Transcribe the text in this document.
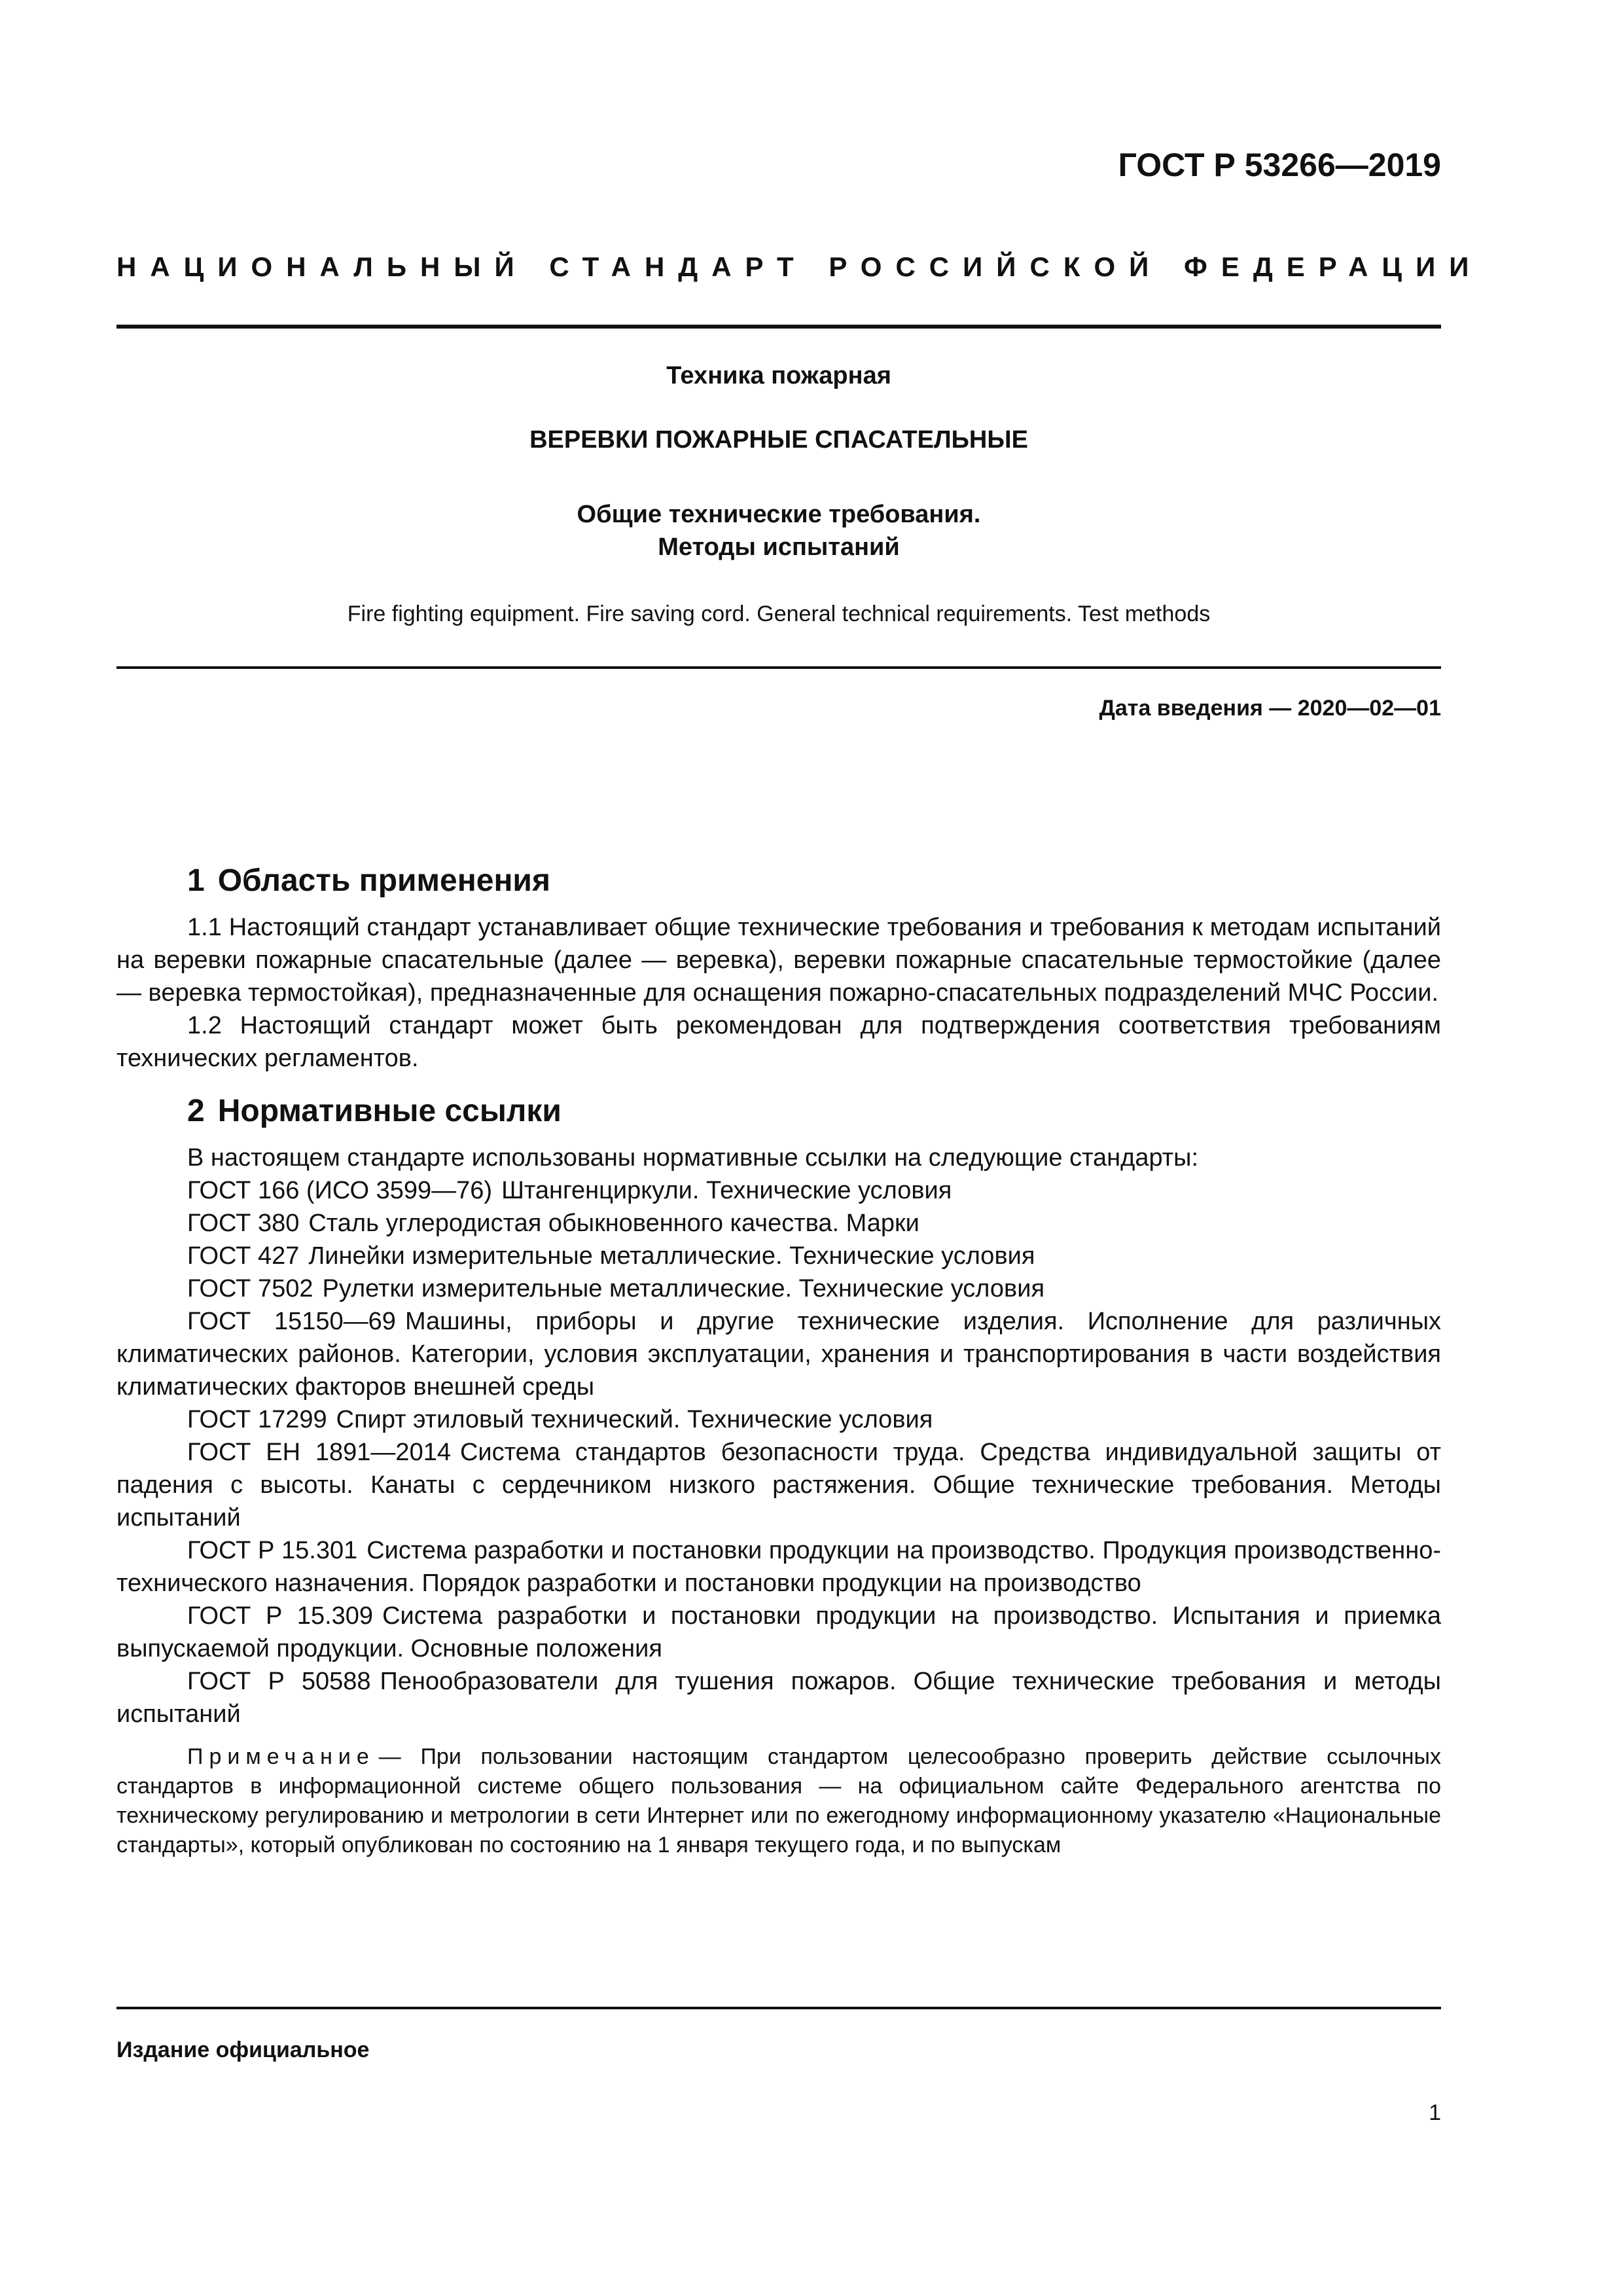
ГОСТ Р 53266—2019
НАЦИОНАЛЬНЫЙ СТАНДАРТ РОССИЙСКОЙ ФЕДЕРАЦИИ
Техника пожарная
ВЕРЕВКИ ПОЖАРНЫЕ СПАСАТЕЛЬНЫЕ
Общие технические требования.
Методы испытаний
Fire fighting equipment. Fire saving cord. General technical requirements. Test methods
Дата введения — 2020—02—01
1 Область применения

1.1 Настоящий стандарт устанавливает общие технические требования и требования к методам испытаний на веревки пожарные спасательные (далее — веревка), веревки пожарные спасательные термостойкие (далее — веревка термостойкая), предназначенные для оснащения пожарно-спасательных подразделений МЧС России.

1.2 Настоящий стандарт может быть рекомендован для подтверждения соответствия требованиям технических регламентов.

2 Нормативные ссылки

В настоящем стандарте использованы нормативные ссылки на следующие стандарты:

ГОСТ 166 (ИСО 3599—76) Штангенциркули. Технические условия

ГОСТ 380 Сталь углеродистая обыкновенного качества. Марки

ГОСТ 427 Линейки измерительные металлические. Технические условия

ГОСТ 7502 Рулетки измерительные металлические. Технические условия

ГОСТ 15150—69 Машины, приборы и другие технические изделия. Исполнение для различных климатических районов. Категории, условия эксплуатации, хранения и транспортирования в части воздействия климатических факторов внешней среды

ГОСТ 17299 Спирт этиловый технический. Технические условия

ГОСТ ЕН 1891—2014 Система стандартов безопасности труда. Средства индивидуальной защиты от падения с высоты. Канаты с сердечником низкого растяжения. Общие технические требования. Методы испытаний

ГОСТ Р 15.301 Система разработки и постановки продукции на производство. Продукция производственно-технического назначения. Порядок разработки и постановки продукции на производство

ГОСТ Р 15.309 Система разработки и постановки продукции на производство. Испытания и приемка выпускаемой продукции. Основные положения

ГОСТ Р 50588 Пенообразователи для тушения пожаров. Общие технические требования и методы испытаний

Примечание — При пользовании настоящим стандартом целесообразно проверить действие ссылочных стандартов в информационной системе общего пользования — на официальном сайте Федерального агентства по техническому регулированию и метрологии в сети Интернет или по ежегодному информационному указателю «Национальные стандарты», который опубликован по состоянию на 1 января текущего года, и по выпускам

Издание официальное
1
